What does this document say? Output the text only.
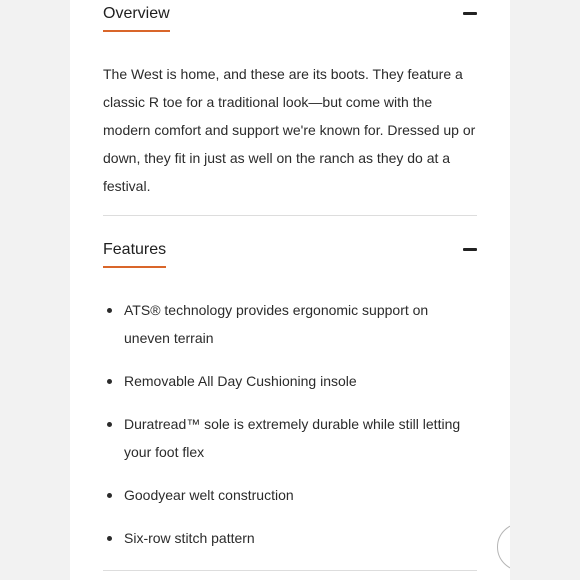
Overview

The West is home, and these are its boots. They feature a classic R toe for a traditional look—but come with the modern comfort and support we're known for. Dressed up or down, they fit in just as well on the ranch as they do at a festival.

Features
ATS® technology provides ergonomic support on uneven terrain
Removable All Day Cushioning insole
Duratread™ sole is extremely durable while still letting your foot flex
Goodyear welt construction
Six-row stitch pattern
